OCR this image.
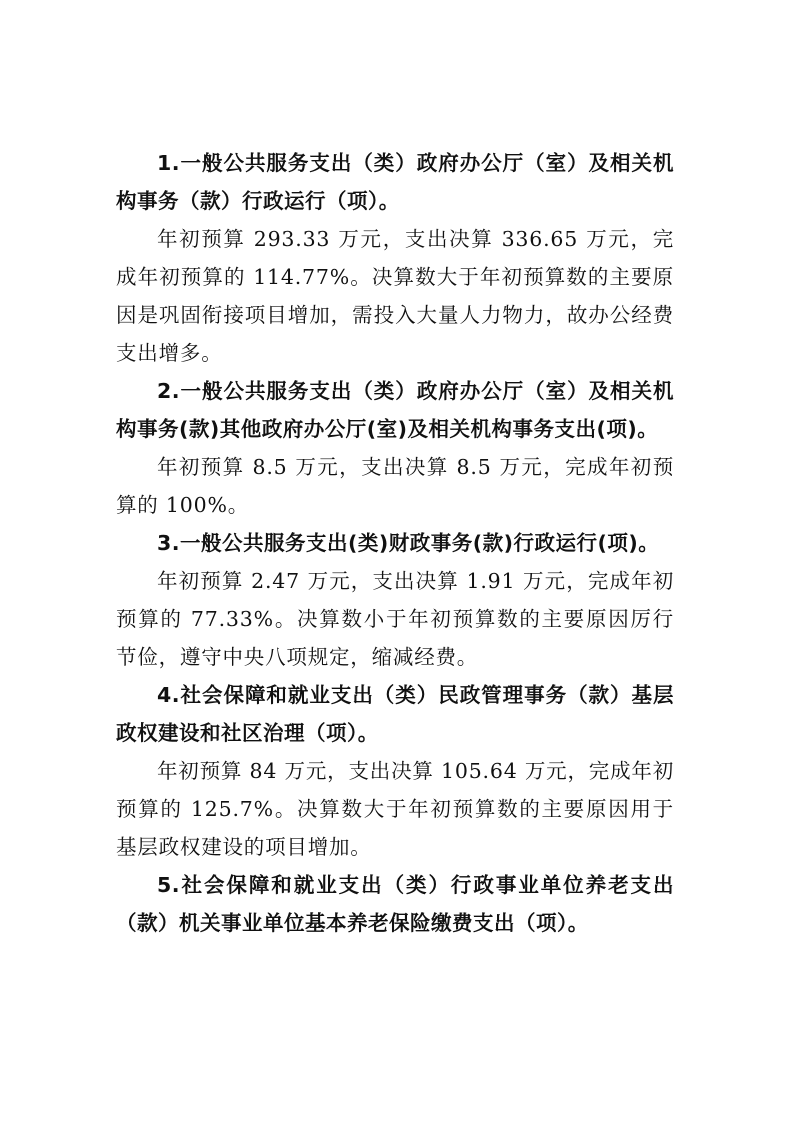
1.一般公共服务支出（类）政府办公厅（室）及相关机构事务（款）行政运行（项）。

年初预算 293.33 万元，支出决算 336.65 万元，完成年初预算的 114.77%。决算数大于年初预算数的主要原因是巩固衔接项目增加，需投入大量人力物力，故办公经费支出增多。

2.一般公共服务支出（类）政府办公厅（室）及相关机构事务(款)其他政府办公厅(室)及相关机构事务支出(项)。

年初预算 8.5 万元，支出决算 8.5 万元，完成年初预算的 100%。

3.一般公共服务支出(类)财政事务(款)行政运行(项)。

年初预算 2.47 万元，支出决算 1.91 万元，完成年初预算的 77.33%。决算数小于年初预算数的主要原因厉行节俭，遵守中央八项规定，缩减经费。

4.社会保障和就业支出（类）民政管理事务（款）基层政权建设和社区治理（项）。

年初预算 84 万元，支出决算 105.64 万元，完成年初预算的 125.7%。决算数大于年初预算数的主要原因用于基层政权建设的项目增加。

5.社会保障和就业支出（类）行政事业单位养老支出（款）机关事业单位基本养老保险缴费支出（项）。
